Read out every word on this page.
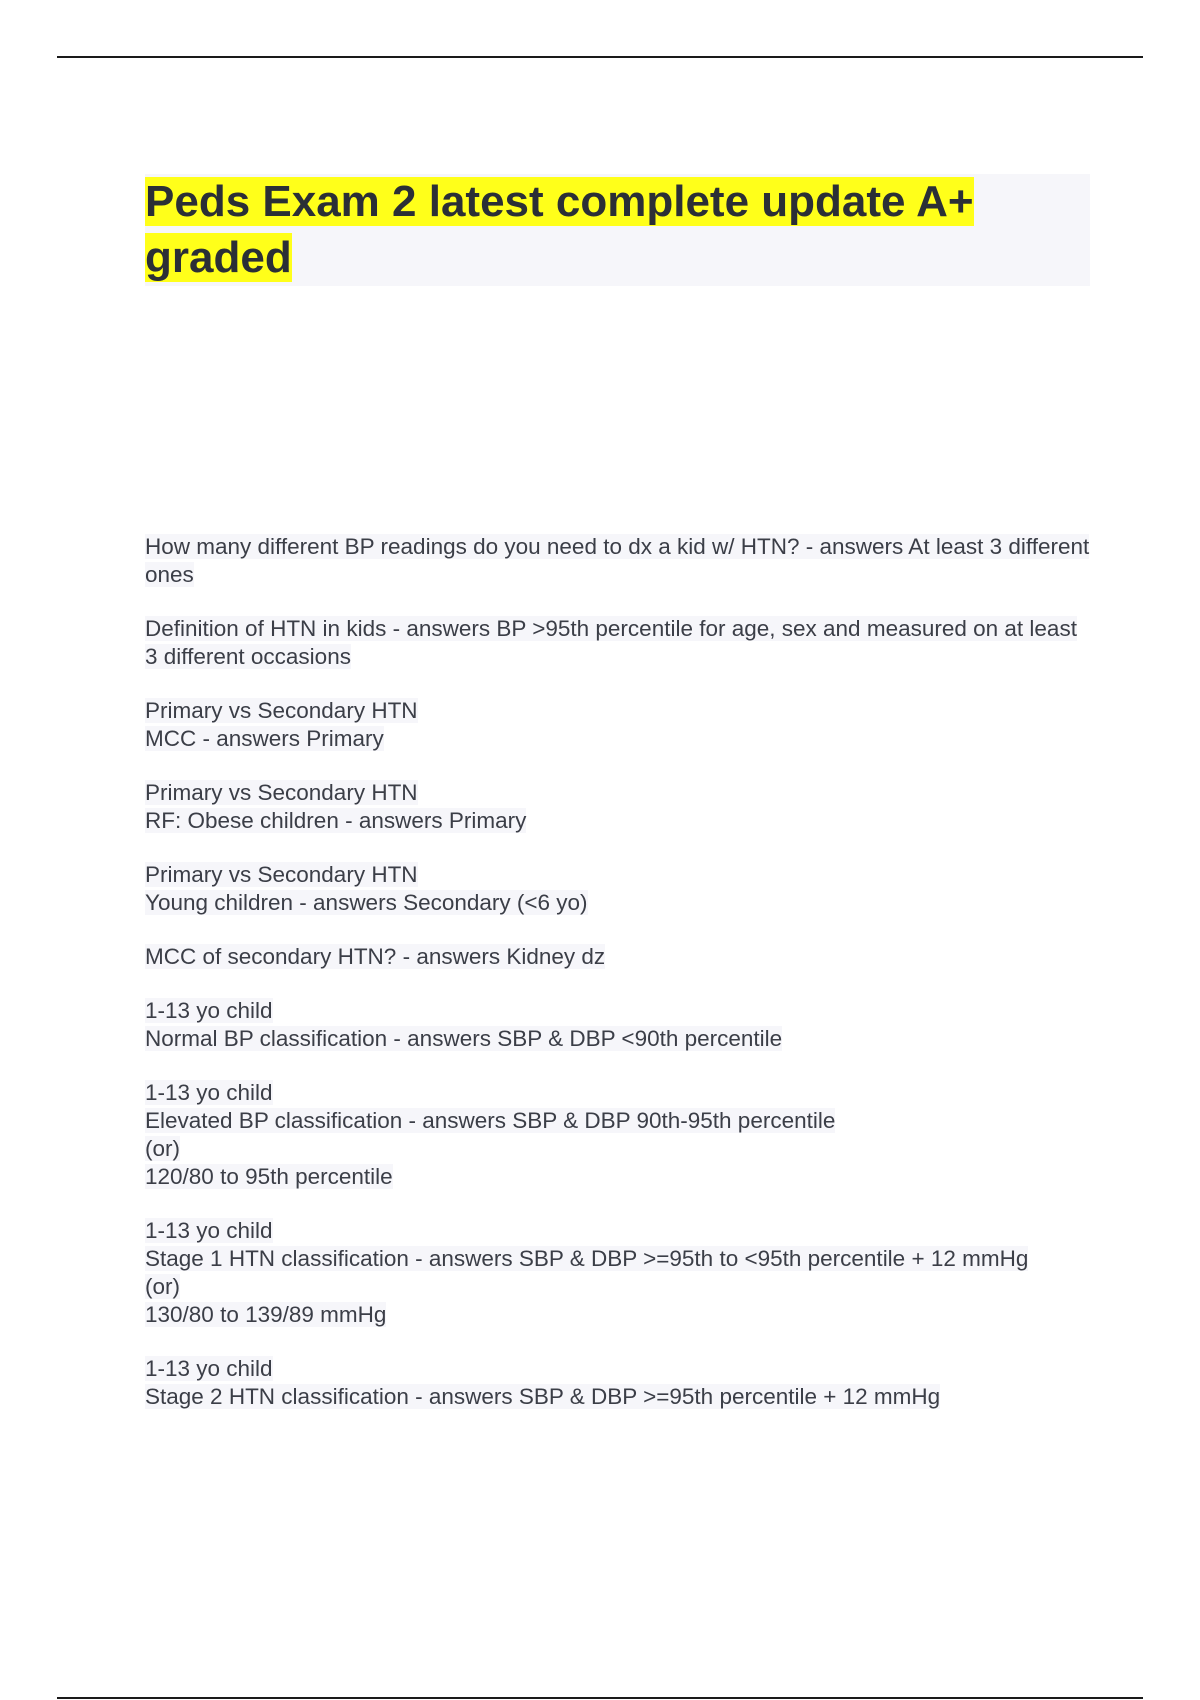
Peds Exam 2 latest complete update A+ graded
How many different BP readings do you need to dx a kid w/ HTN? - answers At least 3 different ones
Definition of HTN in kids - answers BP >95th percentile for age, sex and measured on at least 3 different occasions
Primary vs Secondary HTN
MCC - answers Primary
Primary vs Secondary HTN
RF: Obese children - answers Primary
Primary vs Secondary HTN
Young children - answers Secondary (<6 yo)
MCC of secondary HTN? - answers Kidney dz
1-13 yo child
Normal BP classification - answers SBP & DBP <90th percentile
1-13 yo child
Elevated BP classification - answers SBP & DBP 90th-95th percentile
(or)
120/80 to 95th percentile
1-13 yo child
Stage 1 HTN classification - answers SBP & DBP >=95th to <95th percentile + 12 mmHg
(or)
130/80 to 139/89 mmHg
1-13 yo child
Stage 2 HTN classification - answers SBP & DBP >=95th percentile + 12 mmHg
